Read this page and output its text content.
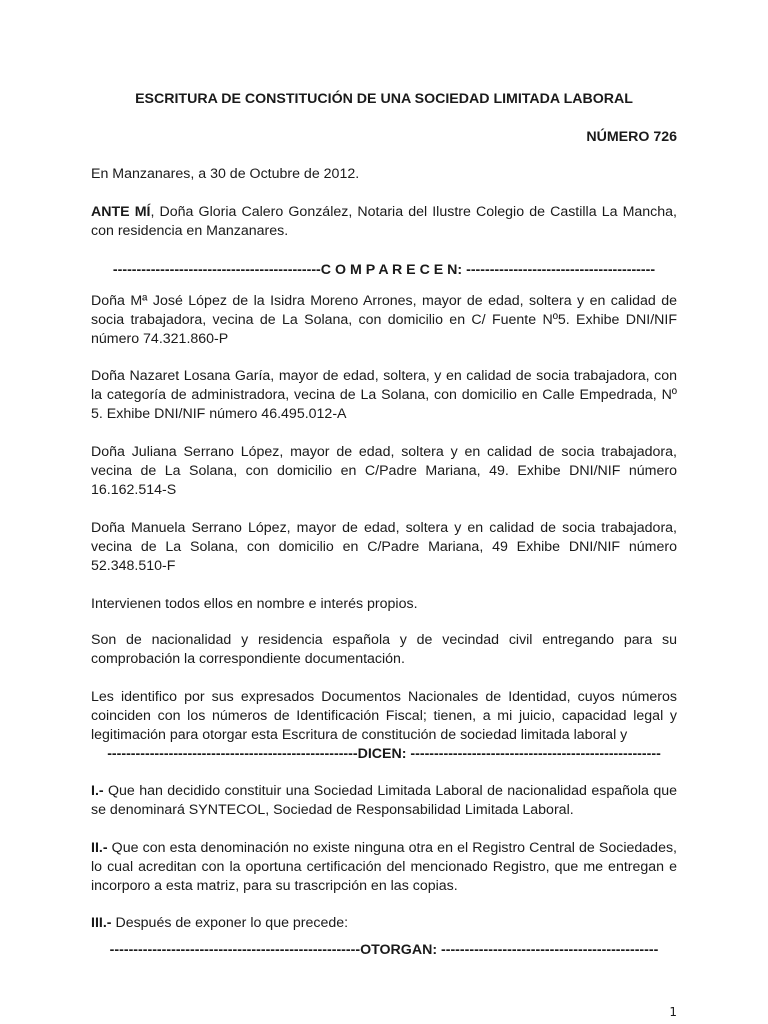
ESCRITURA DE CONSTITUCIÓN DE UNA SOCIEDAD LIMITADA LABORAL
NÚMERO 726
En Manzanares, a 30 de Octubre de 2012.
ANTE MÍ, Doña Gloria Calero González, Notaria del Ilustre Colegio de Castilla La Mancha, con residencia en Manzanares.
--------------------------------------------C O M P A R E C E N: ----------------------------------------
Doña Mª José López de la Isidra Moreno Arrones, mayor de edad, soltera y en calidad de socia trabajadora, vecina de La Solana, con domicilio en C/ Fuente Nº5. Exhibe DNI/NIF número 74.321.860-P
Doña Nazaret Losana Garía, mayor de edad, soltera, y en calidad de socia trabajadora, con la categoría de administradora, vecina de La Solana, con domicilio en Calle Empedrada, Nº 5. Exhibe DNI/NIF número 46.495.012-A
Doña Juliana Serrano López, mayor de edad, soltera y en calidad de socia trabajadora, vecina de La Solana, con domicilio en C/Padre Mariana, 49. Exhibe DNI/NIF número 16.162.514-S
Doña Manuela Serrano López, mayor de edad, soltera y en calidad de socia trabajadora, vecina de La Solana, con domicilio en C/Padre Mariana, 49 Exhibe DNI/NIF número 52.348.510-F
Intervienen todos ellos en nombre e interés propios.
Son de nacionalidad y residencia española y de vecindad civil entregando para su comprobación la correspondiente documentación.
Les identifico por sus expresados Documentos Nacionales de Identidad, cuyos números coinciden con los números de Identificación Fiscal; tienen, a mi juicio, capacidad legal y legitimación para otorgar esta Escritura de constitución de sociedad limitada laboral y
-----------------------------------------------------DICEN: -----------------------------------------------------
I.- Que han decidido constituir una Sociedad Limitada Laboral de nacionalidad española que se denominará SYNTECOL, Sociedad de Responsabilidad Limitada Laboral.
II.- Que con esta denominación no existe ninguna otra en el Registro Central de Sociedades, lo cual acreditan con la oportuna certificación del mencionado Registro, que me entregan e incorporo a esta matriz, para su trascripción en las copias.
III.- Después de exponer lo que precede:
-----------------------------------------------------OTORGAN: ----------------------------------------------
1
